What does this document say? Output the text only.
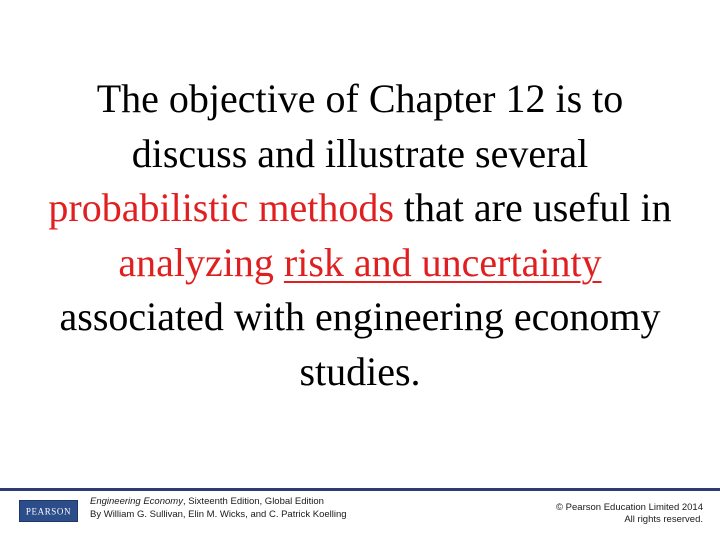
The objective of Chapter 12 is to discuss and illustrate several probabilistic methods that are useful in analyzing risk and uncertainty associated with engineering economy studies.
PEARSON
Engineering Economy, Sixteenth Edition, Global Edition
By William G. Sullivan, Elin M. Wicks, and C. Patrick Koelling
© Pearson Education Limited 2014
All rights reserved.
